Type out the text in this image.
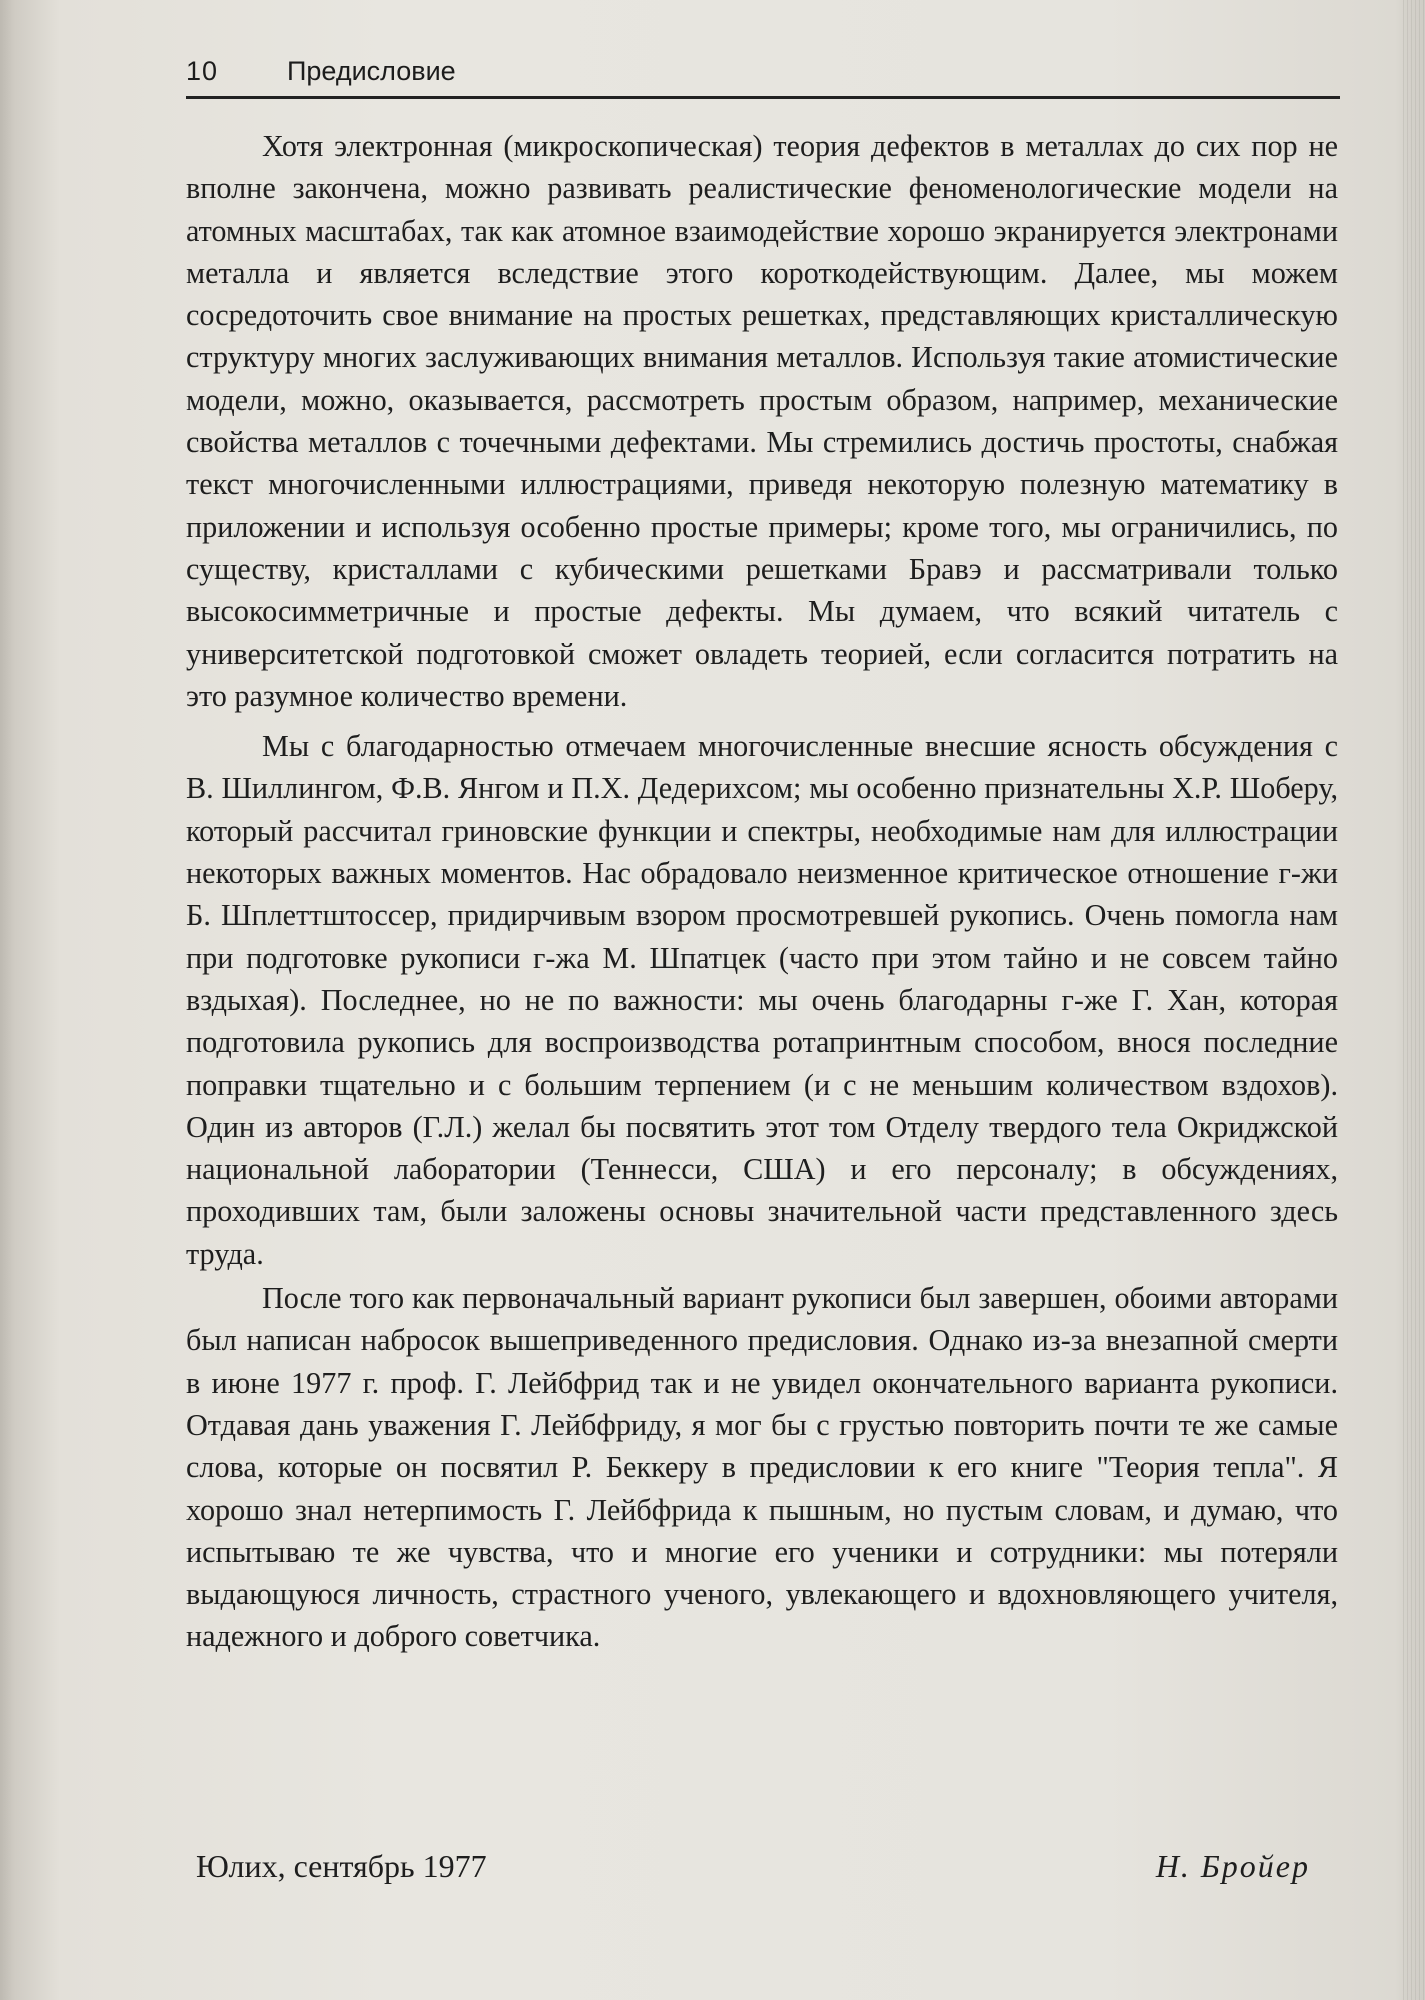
10	Предисловие

Хотя электронная (микроскопическая) теория дефектов в металлах до сих пор не вполне закончена, можно развивать реалистические феноменологические модели на атомных масштабах, так как атомное взаимодействие хорошо экранируется электронами металла и является вследствие этого короткодействующим. Далее, мы можем сосредоточить свое внимание на простых решетках, представляющих кристаллическую структуру многих заслуживающих внимания металлов. Используя такие атомистические модели, можно, оказывается, рассмотреть простым образом, например, механические свойства металлов с точечными дефектами. Мы стремились достичь простоты, снабжая текст многочисленными иллюстрациями, приведя некоторую полезную математику в приложении и используя особенно простые примеры; кроме того, мы ограничились, по существу, кристаллами с кубическими решетками Бравэ и рассматривали только высокосимметричные и простые дефекты. Мы думаем, что всякий читатель с университетской подготовкой сможет овладеть теорией, если согласится потратить на это разумное количество времени.

Мы с благодарностью отмечаем многочисленные внесшие ясность обсуждения с В. Шиллингом, Ф.В. Янгом и П.Х. Дедерихсом; мы особенно признательны Х.Р. Шоберу, который рассчитал гриновские функции и спектры, необходимые нам для иллюстрации некоторых важных моментов. Нас обрадовало неизменное критическое отношение г-жи Б. Шплеттштоссер, придирчивым взором просмотревшей рукопись. Очень помогла нам при подготовке рукописи г-жа М. Шпатцек (часто при этом тайно и не совсем тайно вздыхая). Последнее, но не по важности: мы очень благодарны г-же Г. Хан, которая подготовила рукопись для воспроизводства ротапринтным способом, внося последние поправки тщательно и с большим терпением (и с не меньшим количеством вздохов). Один из авторов (Г.Л.) желал бы посвятить этот том Отделу твердого тела Окриджской национальной лаборатории (Теннесси, США) и его персоналу; в обсуждениях, проходивших там, были заложены основы значительной части представленного здесь труда.

После того как первоначальный вариант рукописи был завершен, обоими авторами был написан набросок вышеприведенного предисловия. Однако из-за внезапной смерти в июне 1977 г. проф. Г. Лейбфрид так и не увидел окончательного варианта рукописи. Отдавая дань уважения Г. Лейбфриду, я мог бы с грустью повторить почти те же самые слова, которые он посвятил Р. Беккеру в предисловии к его книге "Теория тепла". Я хорошо знал нетерпимость Г. Лейбфрида к пышным, но пустым словам, и думаю, что испытываю те же чувства, что и многие его ученики и сотрудники: мы потеряли выдающуюся личность, страстного ученого, увлекающего и вдохновляющего учителя, надежного и доброго советчика.

Юлих, сентябрь 1977	Н. Бройер
